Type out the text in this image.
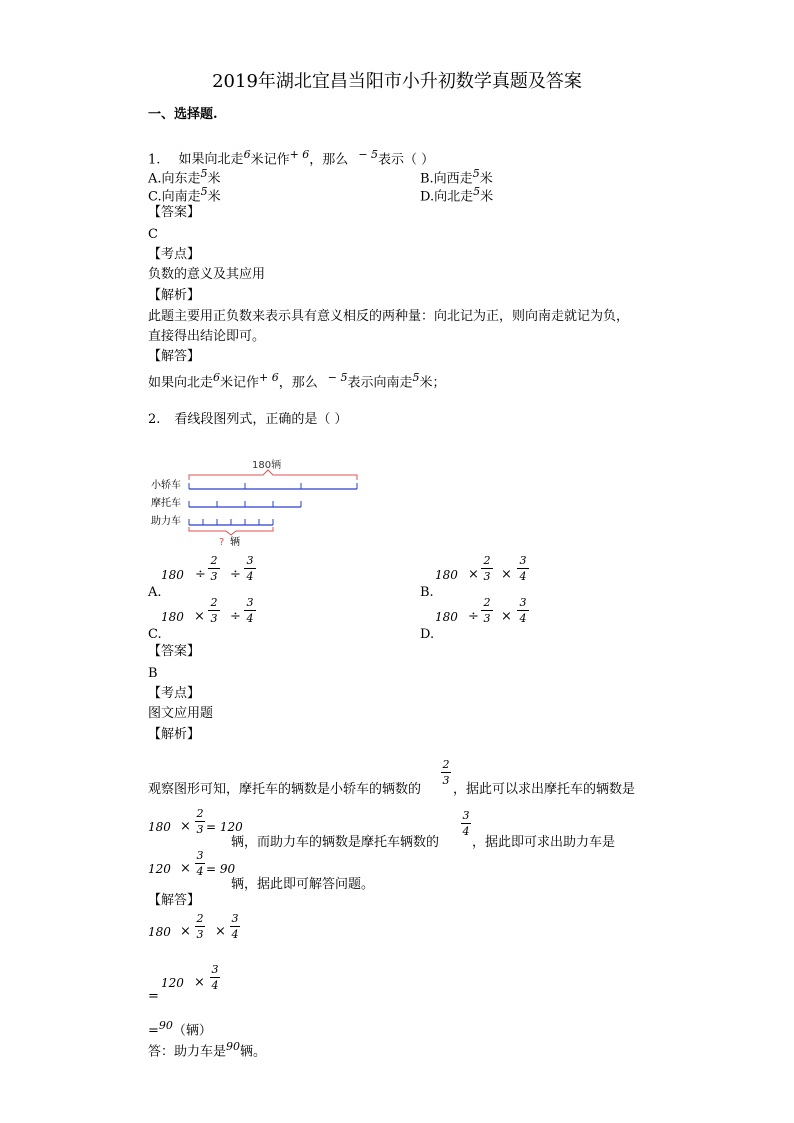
2019年湖北宜昌当阳市小升初数学真题及答案
一、选择题.
1. 如果向北走$^6$米记作$^{+ 6}$，那么 $^{- 5}$表示（ ）
A.向东走$^5$米	B.向西走$^5$米
C.向南走$^5$米	D.向北走$^5$米
【答案】
C
【考点】
负数的意义及其应用
【解析】
此题主要用正负数来表示具有意义相反的两种量：向北记为正，则向南走就记为负，
直接得出结论即可。
【解答】
如果向北走$^6$米记作$^{+ 6}$，那么 $^{- 5}$表示向南走$^5$米；
2. 看线段图列式，正确的是（ ）
180辆
小轿车
摩托车
助力车
? 辆
A.
180 ÷
2
3 ÷
3
4
B.
180 ×
2
3 ×
3
4
C.
180 ×
2
3 ÷
3
4
D.
180 ÷
2
3 ×
3
4
【答案】
B
【考点】
图文应用题
【解析】
观察图形可知，摩托车的辆数是小轿车的辆数的
2
3
，据此可以求出摩托车的辆数是
180 ×
2
3 = 120
辆，而助力车的辆数是摩托车辆数的
3
4
，据此即可求出助力车是
120 ×
3
4 = 90
辆，据此即可解答问题。
【解答】
180 ×
2
3 ×
3
4
=
120 ×
3
4
=$^{90}$（辆）
答：助力车是$^{90}$辆。
